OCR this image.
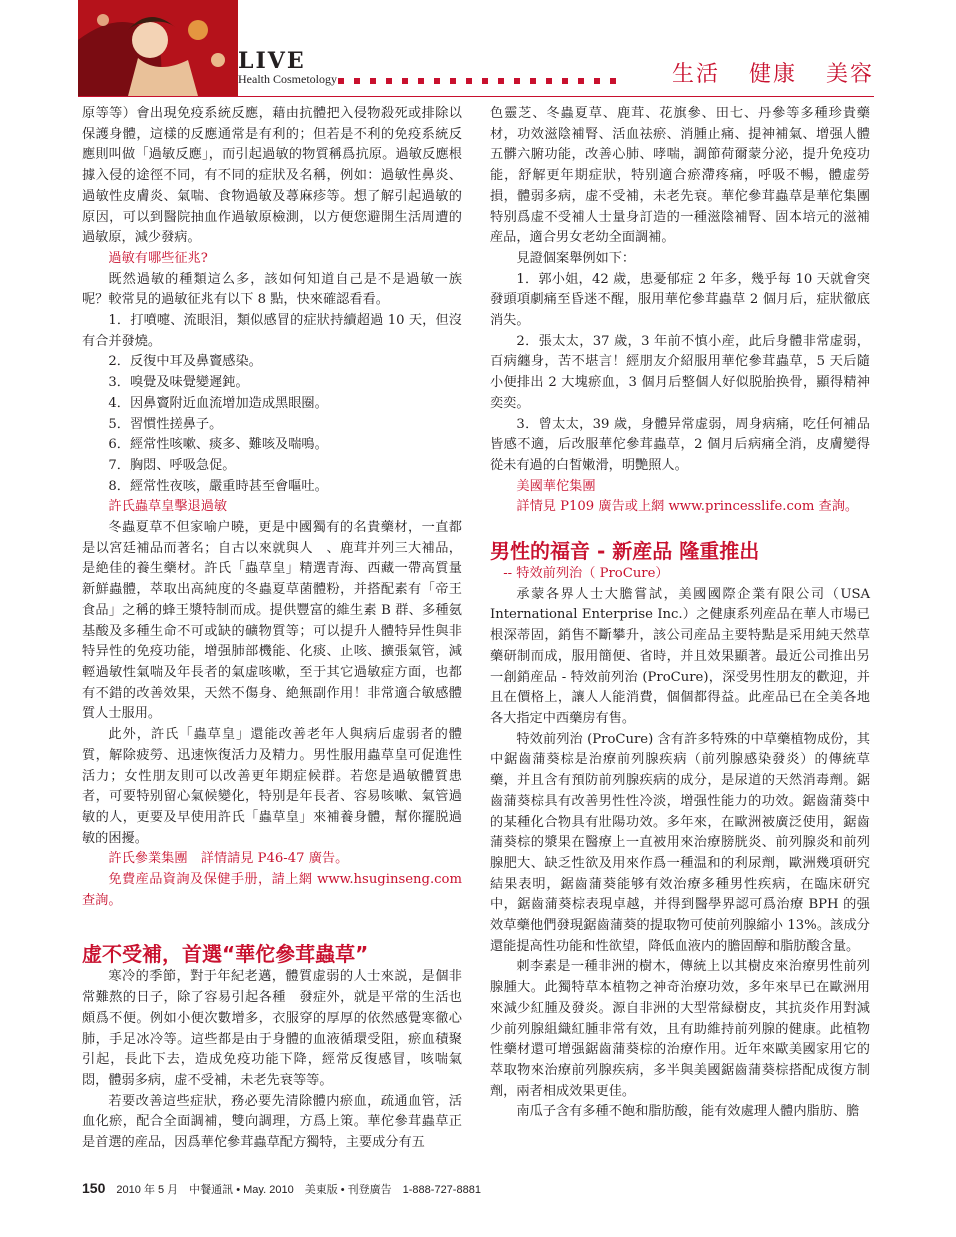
LIVE
Health Cosmetology	生活 健康 美容

原等等）會出現免疫系統反應，藉由抗體把入侵物殺死或排除以保護身體，這樣的反應通常是有利的；但若是不利的免疫系統反應則叫做「過敏反應」，而引起過敏的物質稱爲抗原。過敏反應根據入侵的途徑不同，有不同的症狀及名稱，例如：過敏性鼻炎、過敏性皮膚炎、氣喘、食物過敏及蕁麻疹等。想了解引起過敏的原因，可以到醫院抽血作過敏原檢測，以方便您避開生活周遭的過敏原，減少發病。

過敏有哪些征兆?

既然過敏的種類這么多，該如何知道自己是不是過敏一族呢？較常見的過敏征兆有以下 8 點，快來確認看看。

1．打噴嚏、流眼泪，類似感冒的症狀持續超過 10 天，但沒有合并發燒。

2．反復中耳及鼻竇感染。

3．嗅覺及味覺變遲鈍。

4．因鼻竇附近血流增加造成黑眼圈。

5．習慣性搓鼻子。

6．經常性咳嗽、痰多、難咳及喘鳴。

7．胸悶、呼吸急促。

8．經常性夜咳，嚴重時甚至會嘔吐。

許氏蟲草皇擊退過敏

冬蟲夏草不但家喻户曉，更是中國獨有的名貴藥材，一直都是以宮廷補品而著名；自古以來就與人　、鹿茸并列三大補品，是絶佳的養生藥材。許氏「蟲草皇」精選青海、西藏一帶高質量新鮮蟲體，萃取出高純度的冬蟲夏草菌體粉，并搭配素有「帝王食品」之稱的蜂王漿特制而成。提供豐富的維生素 B 群、多種氨基酸及多種生命不可或缺的礦物質等；可以提升人體特异性與非特异性的免疫功能，增强肺部機能、化痰、止咳、擴張氣管，減輕過敏性氣喘及年長者的氣虚咳嗽，至于其它過敏症方面，也都有不錯的改善效果，天然不傷身、絶無副作用！非常適合敏感體質人士服用。

此外，許氏「蟲草皇」還能改善老年人與病后虚弱者的體質，解除疲勞、迅速恢復活力及精力。男性服用蟲草皇可促進性活力；女性朋友則可以改善更年期症候群。若您是過敏體質患者，可要特别留心氣候變化，特别是年長者、容易咳嗽、氣管過敏的人，更要及早使用許氏「蟲草皇」來補養身體，幫你擺脱過敏的困擾。

許氏參業集團　詳情請見 P46-47 廣告。

免費産品資詢及保健手册，請上網 www.hsuginseng.com 查詢。

虚不受補，首選“華佗參茸蟲草”

寒冷的季節，對于年紀老邁，體質虚弱的人士來説，是個非常難熬的日子，除了容易引起各種　發症外，就是平常的生活也頗爲不便。例如小便次數增多，衣服穿的厚厚的依然感覺寒徹心肺，手足冰冷等。這些都是由于身體的血液循環受阻，瘀血積聚引起，長此下去，造成免疫功能下降，經常反復感冒，咳喘氣悶，體弱多病，虚不受補，未老先衰等等。

若要改善這些症狀，務必要先清除體内瘀血，疏通血管，活血化瘀，配合全面調補，雙向調理，方爲上策。華佗參茸蟲草正是首選的産品，因爲華佗參茸蟲草配方獨特，主要成分有五

色靈芝、冬蟲夏草、鹿茸、花旗參、田七、丹參等多種珍貴藥材，功效滋陰補腎、活血祛瘀、消腫止痛、提神補氣、增强人體五髒六腑功能，改善心肺、哮喘，調節荷爾蒙分泌，提升免疫功能，舒解更年期症狀，特别適合瘀滯疼痛，呼吸不暢，體虚勞損，體弱多病，虚不受補，未老先衰。華佗參茸蟲草是華佗集團特别爲虚不受補人士量身訂造的一種滋陰補腎、固本培元的滋補産品，適合男女老幼全面調補。

見證個案舉例如下：

1．郭小姐，42 歲，患憂郁症 2 年多，幾乎每 10 天就會突發頭項劇痛至昏迷不醒，服用華佗參茸蟲草 2 個月后，症狀徹底消失。

2．張太太，37 歲，3 年前不慎小産，此后身體非常虚弱，百病纏身，苦不堪言！經朋友介紹服用華佗參茸蟲草，5 天后隨小便排出 2 大塊瘀血，3 個月后整個人好似脱胎换骨，顯得精神奕奕。

3．曾太太，39 歲，身體异常虚弱，周身病痛，吃任何補品皆感不適，后改服華佗參茸蟲草，2 個月后病痛全消，皮膚變得從未有過的白皙嫩滑，明艷照人。

美國華佗集團

詳情見 P109 廣告或上網 www.princesslife.com 查詢。

男性的福音 - 新産品 隆重推出

-- 特效前列治（ ProCure）

承蒙各界人士大膽嘗試，美國國際企業有限公司（USA International Enterprise Inc.）之健康系列産品在華人市場已根深蒂固，銷售不斷攀升，該公司産品主要特點是采用純天然草藥研制而成，服用簡便、省時，并且效果顯著。最近公司推出另一創銷産品 - 特效前列治 (ProCure)，深受男性朋友的歡迎，并且在價格上，讓人人能消費，個個都得益。此産品已在全美各地各大指定中西藥房有售。

特效前列治 (ProCure) 含有許多特殊的中草藥植物成份，其中鋸齒蒲葵棕是治療前列腺疾病（前列腺感染發炎）的傳統草藥，并且含有預防前列腺疾病的成分，是尿道的天然消毒劑。鋸齒蒲葵棕具有改善男性性冷淡，增强性能力的功效。鋸齒蒲葵中的某種化合物具有壯陽功效。多年來，在歐洲被廣泛使用，鋸齒蒲葵棕的漿果在醫療上一直被用來治療膀胱炎、前列腺炎和前列腺肥大、缺乏性欲及用來作爲一種温和的利尿劑，歐洲幾項研究結果表明，鋸齒蒲葵能够有效治療多種男性疾病，在臨床研究中，鋸齒蒲葵棕表現卓越，并得到醫學界認可爲治療 BPH 的强效草藥他們發現鋸齒蒲葵的提取物可使前列腺縮小 13%。該成分還能提高性功能和性欲望，降低血液内的膽固醇和脂肪酸含量。

刺李素是一種非洲的樹木，傳統上以其樹皮來治療男性前列腺腫大。此獨特草本植物之神奇治療功效，多年來早已在歐洲用來減少紅腫及發炎。源自非洲的大型常緑樹皮，其抗炎作用對減少前列腺組織紅腫非常有效，且有助維持前列腺的健康。此植物性藥材還可增强鋸齒蒲葵棕的治療作用。近年來歐美國家用它的萃取物來治療前列腺疾病，多半與美國鋸齒蒲葵棕搭配成復方制劑，兩者相成效果更佳。

南瓜子含有多種不飽和脂肪酸，能有效處理人體内脂肪、膽

150 2010 年 5 月　中餐通訊 • May. 2010　美東版 • 刊登廣告　1-888-727-8881
